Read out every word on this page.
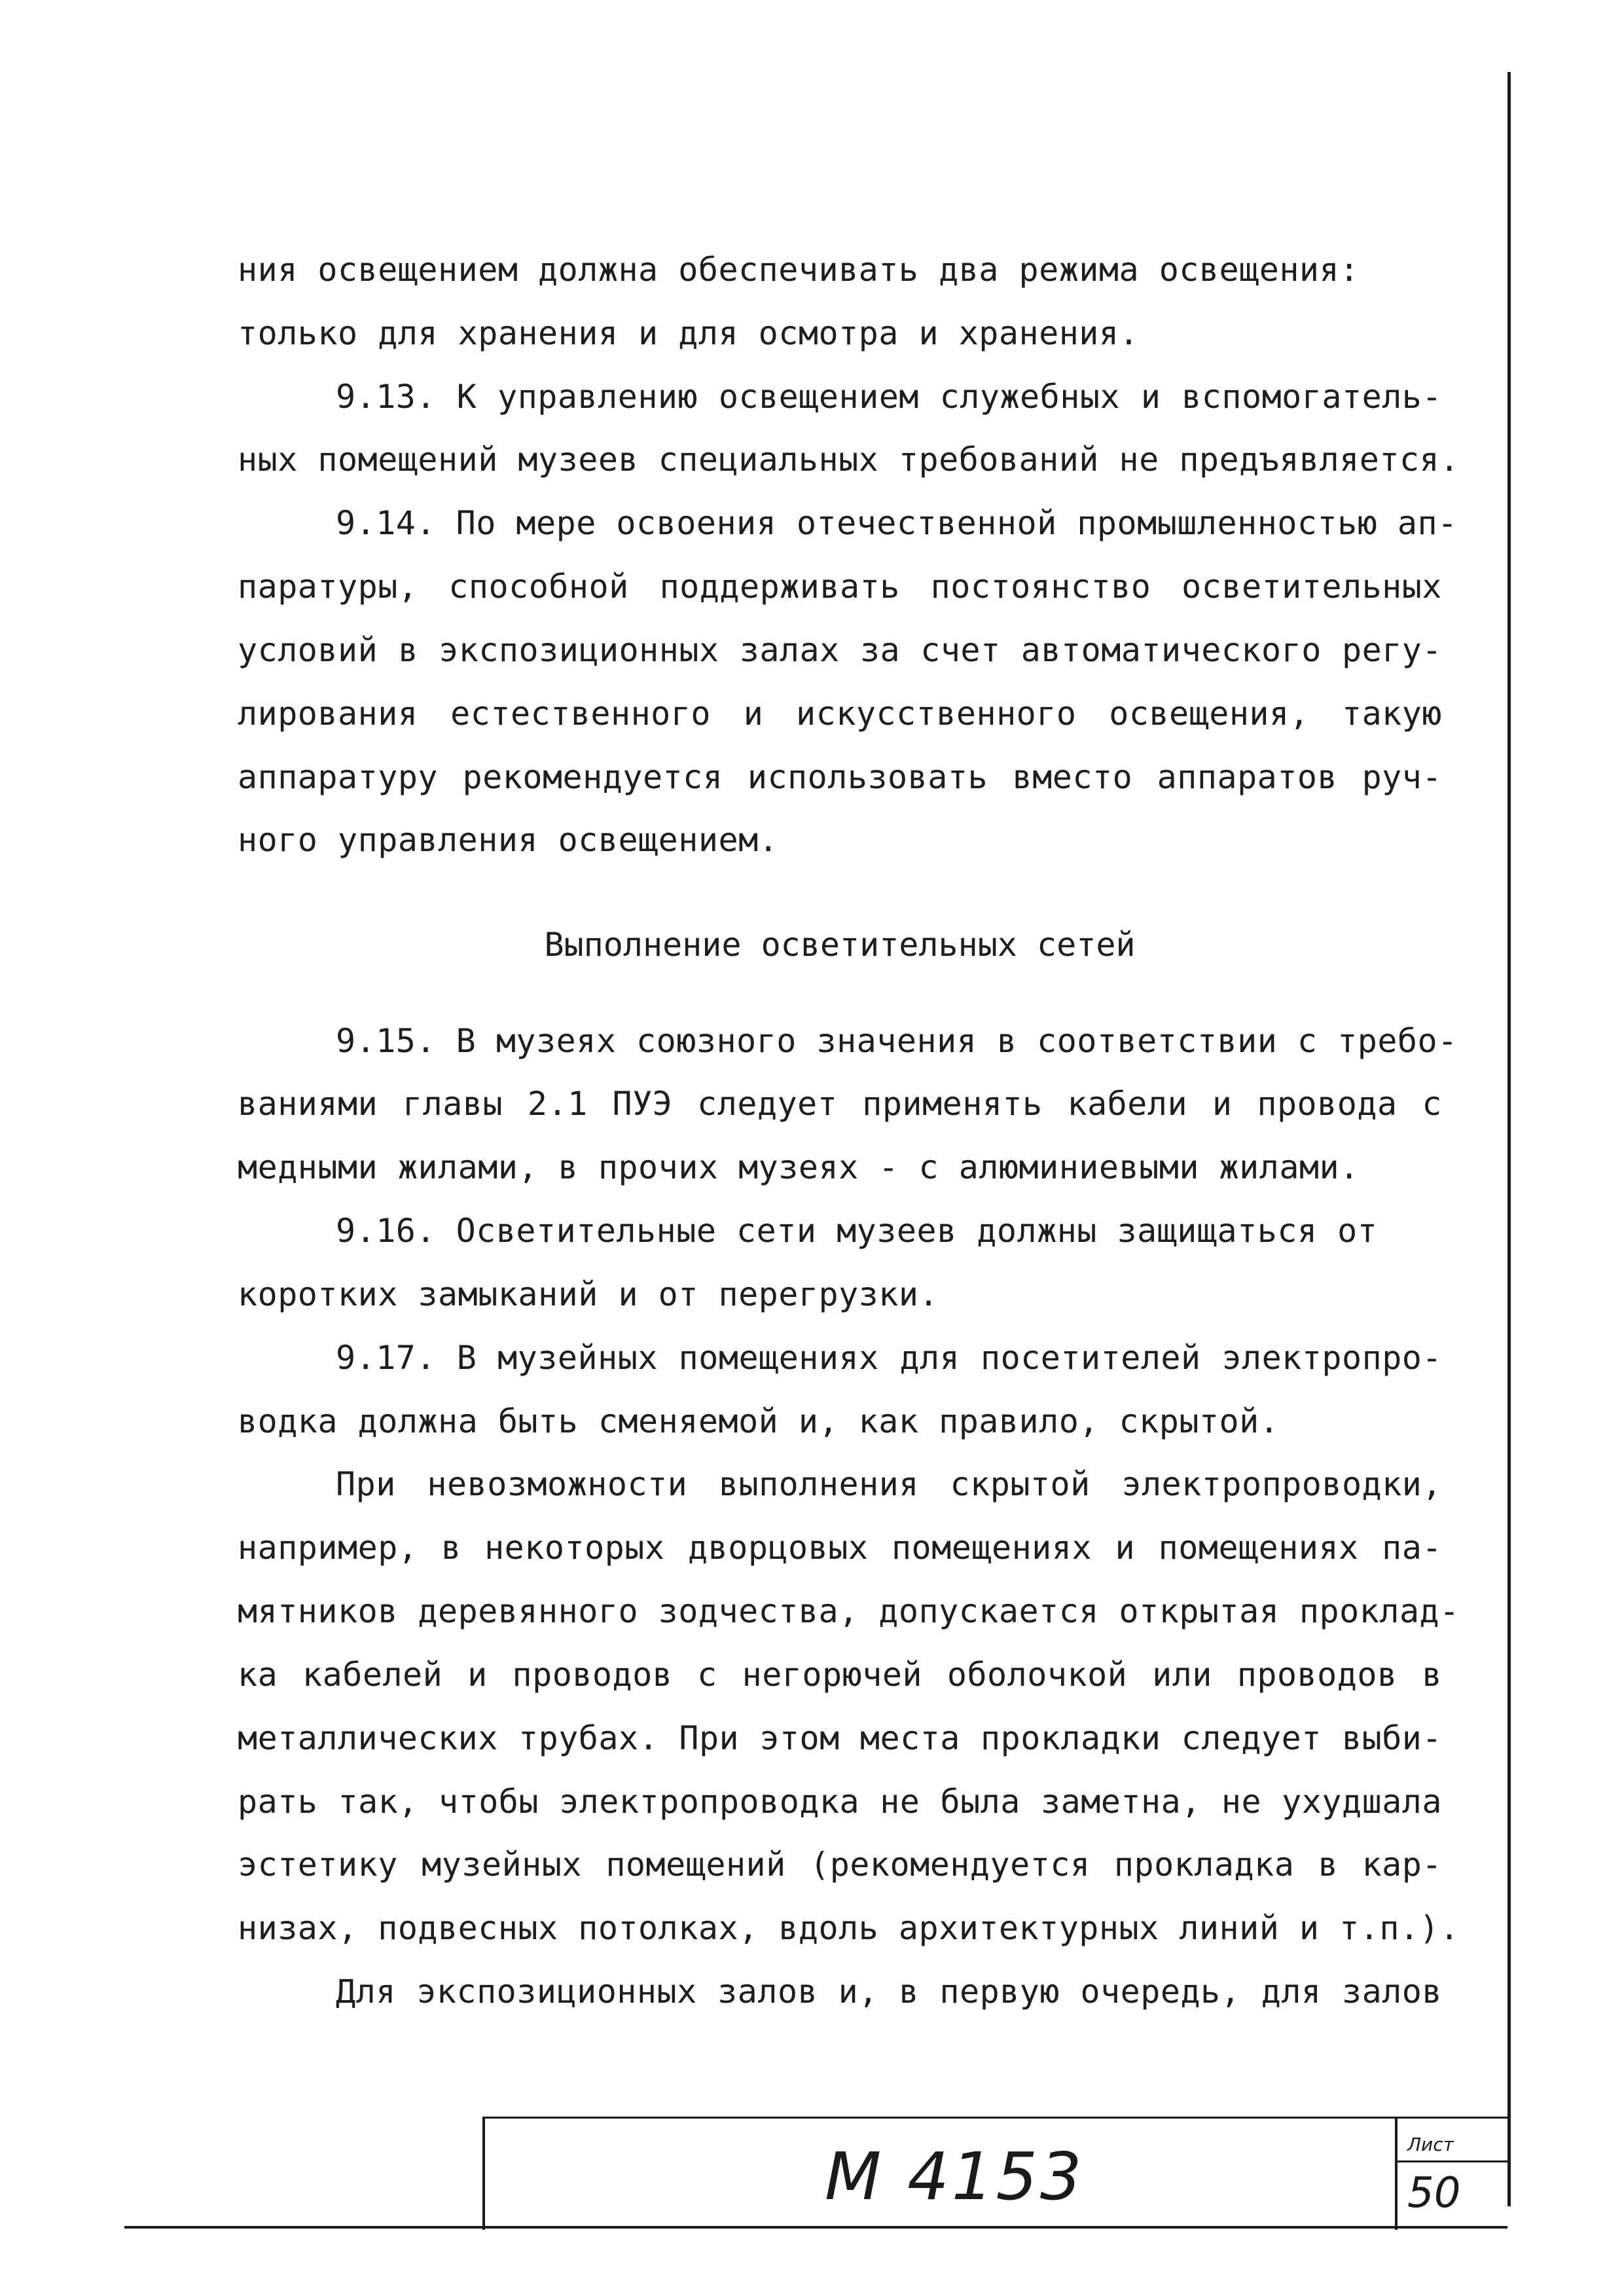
ния освещением должна обеспечивать два режима освещения:
только для хранения и для осмотра и хранения.
9.13. К управлению освещением служебных и вспомогатель-
ных помещений музеев специальных требований не предъявляется.
9.14. По мере освоения отечественной промышленностью ап-
паратуры, способной поддерживать постоянство осветительных
условий в экспозиционных залах за счет автоматического регу-
лирования естественного и искусственного освещения, такую
аппаратуру рекомендуется использовать вместо аппаратов руч-
ного управления освещением.
Выполнение осветительных сетей
9.15. В музеях союзного значения в соответствии с требо-
ваниями главы 2.1 ПУЭ следует применять кабели и провода с
медными жилами, в прочих музеях - с алюминиевыми жилами.
9.16. Осветительные сети музеев должны защищаться от
коротких замыканий и от перегрузки.
9.17. В музейных помещениях для посетителей электропро-
водка должна быть сменяемой и, как правило, скрытой.
При невозможности выполнения скрытой электропроводки,
например, в некоторых дворцовых помещениях и помещениях па-
мятников деревянного зодчества, допускается открытая проклад-
ка кабелей и проводов с негорючей оболочкой или проводов в
металлических трубах. При этом места прокладки следует выби-
рать так, чтобы электропроводка не была заметна, не ухудшала
эстетику музейных помещений (рекомендуется прокладка в кар-
низах, подвесных потолках, вдоль архитектурных линий и т.п.).
Для экспозиционных залов и, в первую очередь, для залов
M 4153	Лист
50
